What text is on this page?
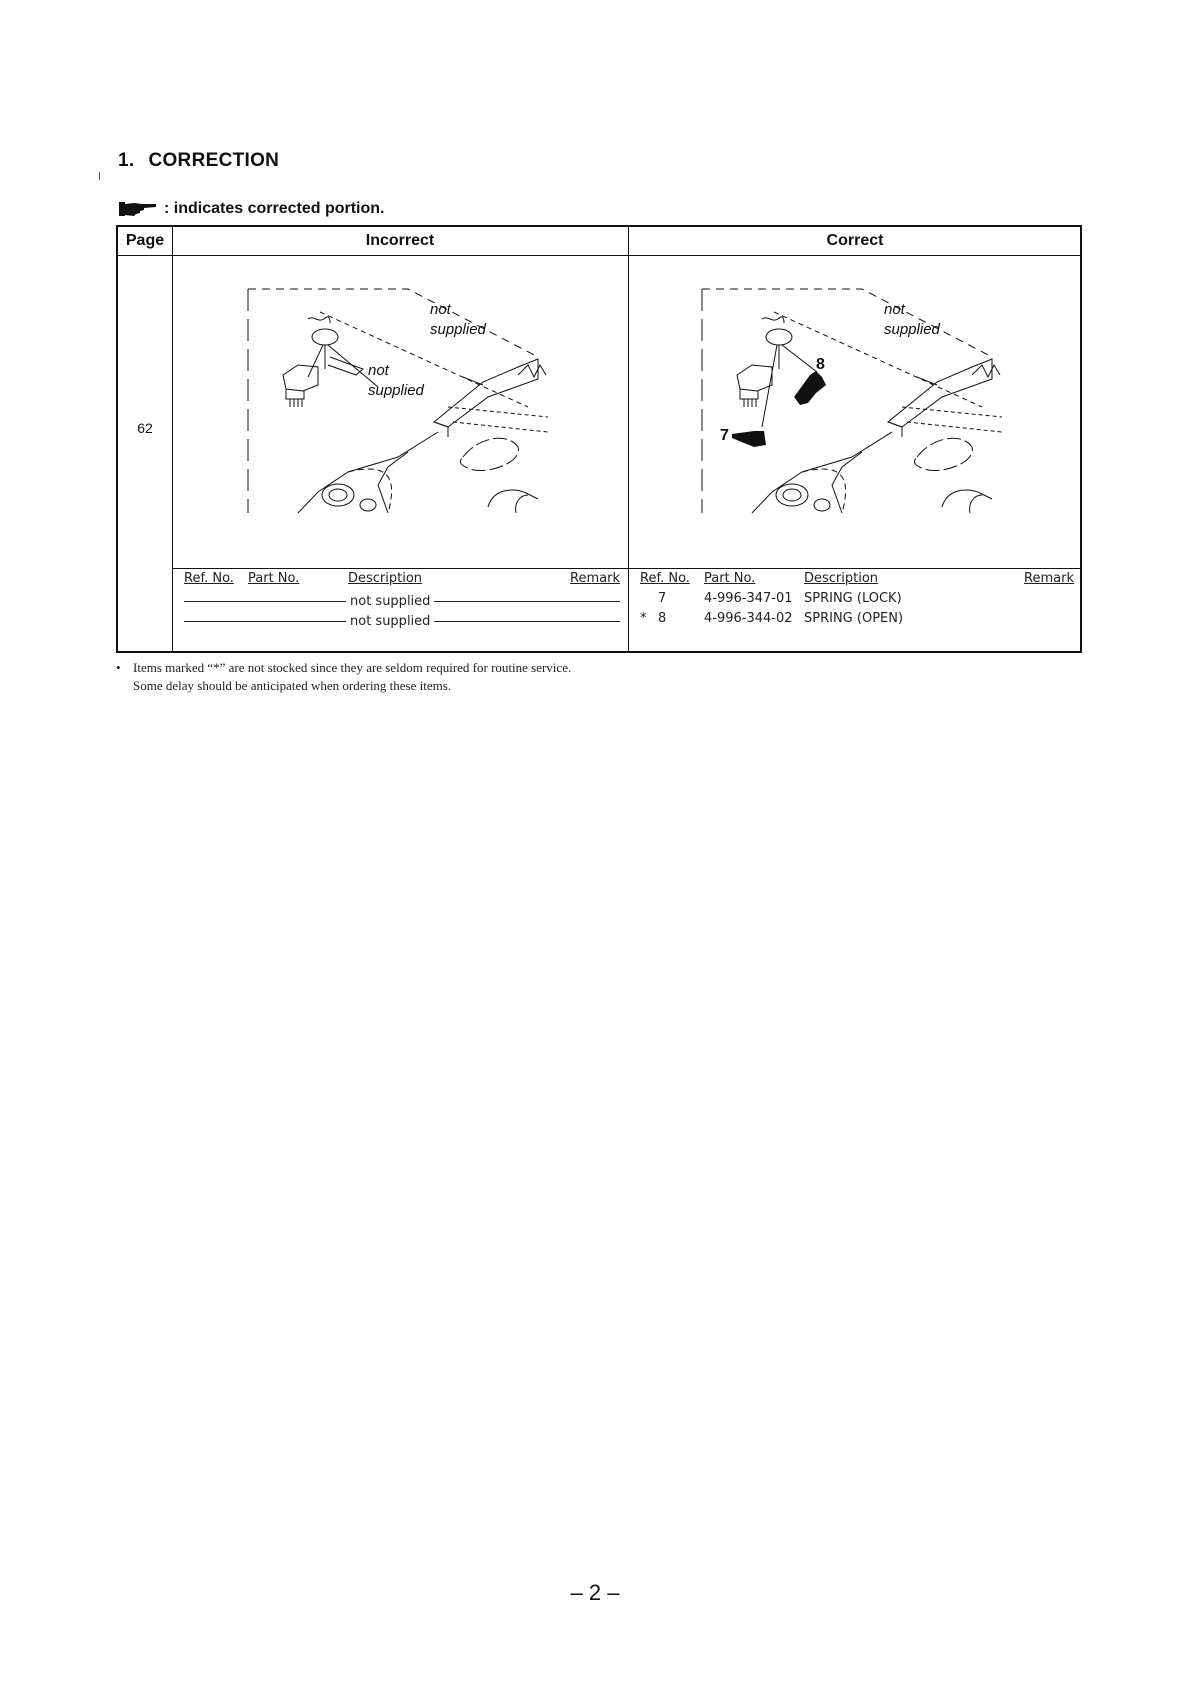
1. CORRECTION
: indicates corrected portion.
Page	Incorrect	Correct
62
not
supplied
not
supplied
8
7
not
supplied
Ref. No. Part No.	Description	Remark
not supplied
not supplied
Ref. No. Part No.	Description	Remark
7	4-996-347-01 SPRING (LOCK)
* 8	4-996-344-02 SPRING (OPEN)
• Items marked “*” are not stocked since they are seldom required for routine service.
Some delay should be anticipated when ordering these items.
– 2 –
